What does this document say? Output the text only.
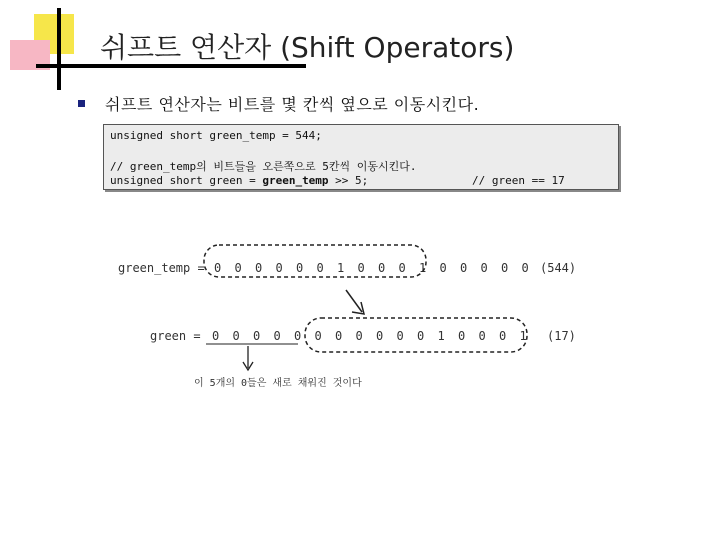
쉬프트 연산자 (Shift Operators)
쉬프트 연산자는 비트를 몇 칸씩 옆으로 이동시킨다.
unsigned short green_temp = 544;
// green_temp의 비트들을 오른쪽으로 5칸씩 이동시킨다.
unsigned short green = green_temp >> 5;	// green == 17
green_temp = 0 0 0 0 0 0 1 0 0 0 1 0 0 0 0 0 (544)
green = 0 0 0 0 0 0 0 0 0 0 0 1 0 0 0 1 (17)
이 5개의 0들은 새로 채워진 것이다
